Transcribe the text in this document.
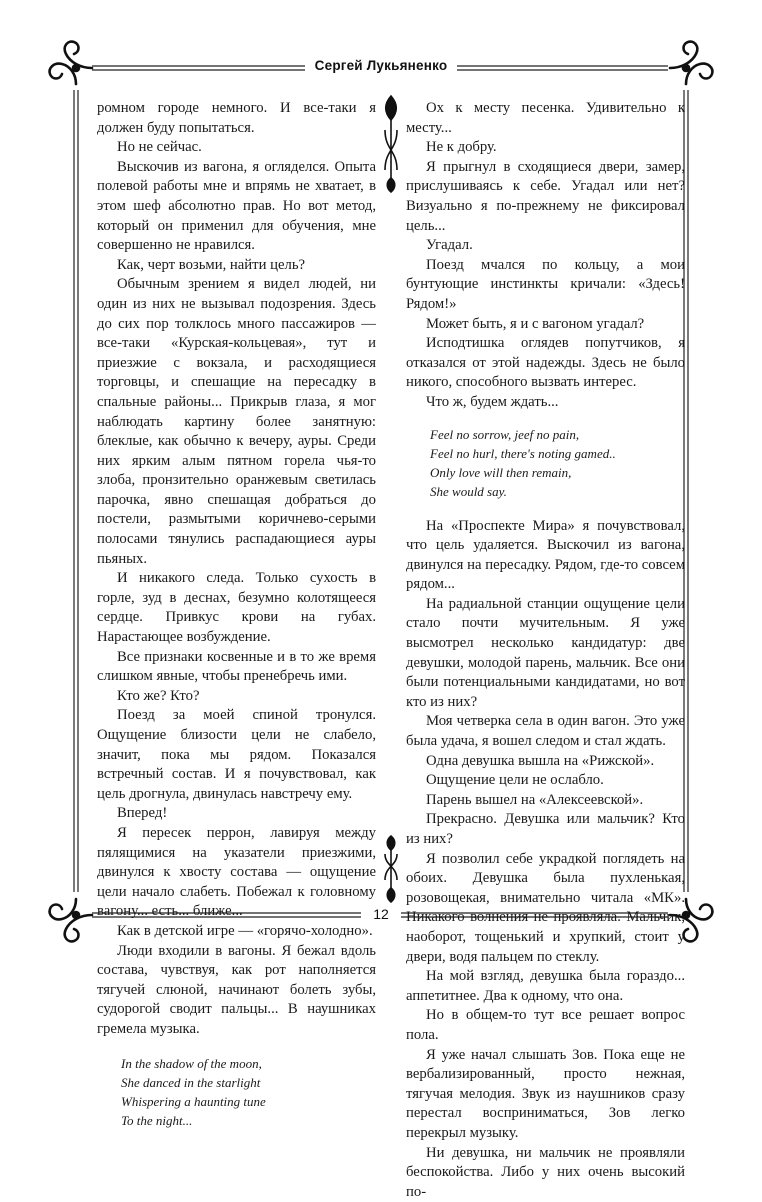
Сергей Лукьяненко

ромном городе немного. И все-таки я должен буду попытаться.

Но не сейчас.

Выскочив из вагона, я огляделся. Опыта полевой работы мне и впрямь не хватает, в этом шеф абсолютно прав. Но вот метод, который он применил для обучения, мне совершенно не нравился.

Как, черт возьми, найти цель?

Обычным зрением я видел людей, ни один из них не вызывал подозрения. Здесь до сих пор толклось много пассажиров — все-таки «Курская-кольцевая», тут и приезжие с вокзала, и расходящиеся торговцы, и спешащие на пересадку в спальные районы... Прикрыв глаза, я мог наблюдать картину более занятную: блеклые, как обычно к вечеру, ауры. Среди них ярким алым пятном горела чья-то злоба, пронзительно оранжевым светилась парочка, явно спешащая добраться до постели, размытыми коричнево-серыми полосами тянулись распадающиеся ауры пьяных.

И никакого следа. Только сухость в горле, зуд в деснах, безумно колотящееся сердце. Привкус крови на губах. Нарастающее возбуждение.

Все признаки косвенные и в то же время слишком явные, чтобы пренебречь ими.

Кто же? Кто?

Поезд за моей спиной тронулся. Ощущение близости цели не слабело, значит, пока мы рядом. Показался встречный состав. И я почувствовал, как цель дрогнула, двинулась навстречу ему.

Вперед!

Я пересек перрон, лавируя между пялящимися на указатели приезжими, двинулся к хвосту состава — ощущение цели начало слабеть. Побежал к головному вагону... есть... ближе...

Как в детской игре — «горячо-холодно».

Люди входили в вагоны. Я бежал вдоль состава, чувствуя, как рот наполняется тягучей слюной, начинают болеть зубы, судорогой сводит пальцы... В наушниках гремела музыка.

In the shadow of the moon,
She danced in the starlight
Whispering a haunting tune
To the night...

Ох к месту песенка. Удивительно к месту...

Не к добру.

Я прыгнул в сходящиеся двери, замер, прислушиваясь к себе. Угадал или нет? Визуально я по-прежнему не фиксировал цель...

Угадал.

Поезд мчался по кольцу, а мои бунтующие инстинкты кричали: «Здесь! Рядом!»

Может быть, я и с вагоном угадал?

Исподтишка оглядев попутчиков, я отказался от этой надежды. Здесь не было никого, способного вызвать интерес.

Что ж, будем ждать...

Feel no sorrow, jeef no pain,
Feel no hurl, there's noting gamed..
Only love will then remain,
She would say.

На «Проспекте Мира» я почувствовал, что цель удаляется. Выскочил из вагона, двинулся на пересадку. Рядом, где-то совсем рядом...

На радиальной станции ощущение цели стало почти мучительным. Я уже высмотрел несколько кандидатур: две девушки, молодой парень, мальчик. Все они были потенциальными кандидатами, но вот кто из них?

Моя четверка села в один вагон. Это уже была удача, я вошел следом и стал ждать.

Одна девушка вышла на «Рижской».

Ощущение цели не ослабло.

Парень вышел на «Алексеевской».

Прекрасно. Девушка или мальчик? Кто из них?

Я позволил себе украдкой поглядеть на обоих. Девушка была пухленькая, розовощекая, внимательно читала «МК». Никакого волнения не проявляла. Мальчик, наоборот, тощенький и хрупкий, стоит у двери, водя пальцем по стеклу.

На мой взгляд, девушка была гораздо... аппетитнее. Два к одному, что она.

Но в общем-то тут все решает вопрос пола.

Я уже начал слышать Зов. Пока еще не вербализированный, просто нежная, тягучая мелодия. Звук из наушников сразу перестал восприниматься, Зов легко перекрыл музыку.

Ни девушка, ни мальчик не проявляли беспокойства. Либо у них очень высокий по-

12
